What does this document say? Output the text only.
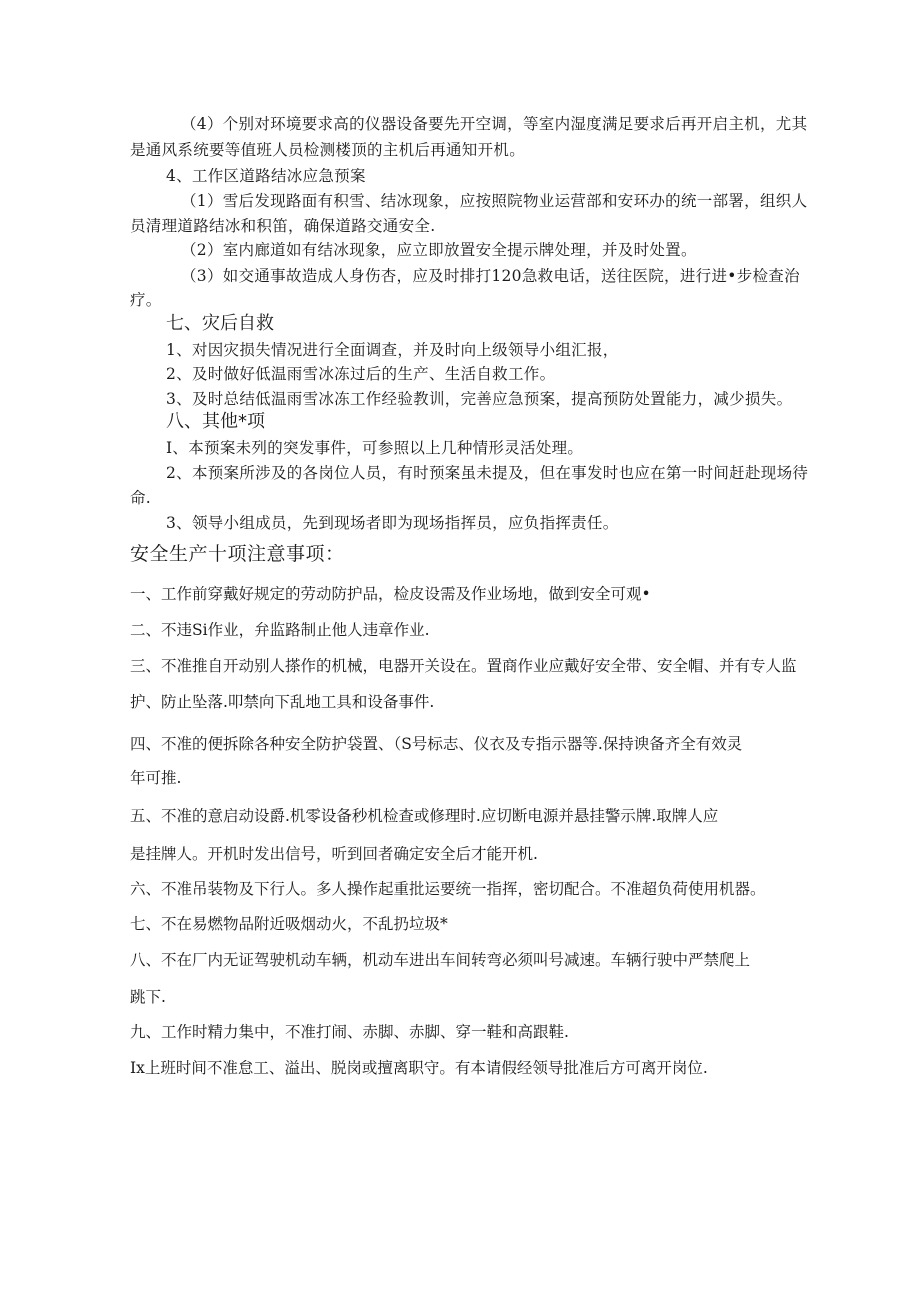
（4）个别对环境要求高的仪器设备要先开空调，等室内湿度满足要求后再开启主机，尤其
是通风系统要等值班人员检测楼顶的主机后再通知开机。
4、工作区道路结冰应急预案
（1）雪后发现路面有积雪、结冰现象，应按照院物业运营部和安环办的统一部署，组织人
员清理道路结冰和积笛，确保道路交通安全.
（2）室内廊道如有结冰现象，应立即放置安全提示牌处理，并及时处置。
（3）如交通事故造成人身伤杏，应及时排打120急救电话，送往医院，进行进•步检查治
疗。
七、灾后自救
1、对因灾损失情况进行全面调查，并及时向上级领导小组汇报，
2、及时做好低温雨雪冰冻过后的生产、生活自救工作。
3、及时总结低温雨雪冰冻工作经验教训，完善应急预案，提高预防处置能力，减少损失。
八、其他*项
I、本预案未列的突发事件，可参照以上几种情形灵活处理。
2、本预案所涉及的各岗位人员，有时预案虽未提及，但在事发时也应在第一时间赶赴现场待
命.
3、领导小组成员，先到现场者即为现场指挥员，应负指挥责任。
安全生产十项注意事项：
一、工作前穿戴好规定的劳动防护品，检皮设需及作业场地，做到安全可观•
二、不违Si作业，弁监路制止他人违章作业.
三、不准推自开动别人搽作的机械，电器开关设在。置商作业应戴好安全带、安全帽、并有专人监
护、防止坠落.叩禁向下乱地工具和设备事件.
四、不准的便拆除各种安全防护袋置、（S号标志、仪衣及专指示器等.保持谀备齐全有效灵
年可推.
五、不准的意启动设爵.机零设备秒机检查或修理时.应切断电源并悬挂警示牌.取牌人应
是挂牌人。开机时发出信号，听到回者确定安全后才能开机.
六、不准吊装物及下行人。多人操作起重批运要统一指挥，密切配合。不准超负荷使用机器。
七、不在易燃物品附近吸烟动火，不乱扔垃圾*
八、不在厂内无证驾驶机动车辆，机动车进出车间转弯必须叫号减速。车辆行驶中严禁爬上
跳下.
九、工作时精力集中，不准打闹、赤脚、赤脚、穿一鞋和高跟鞋.
Ix上班时间不准怠工、溢出、脱岗或擅离职守。有本请假经领导批准后方可离开岗位.
